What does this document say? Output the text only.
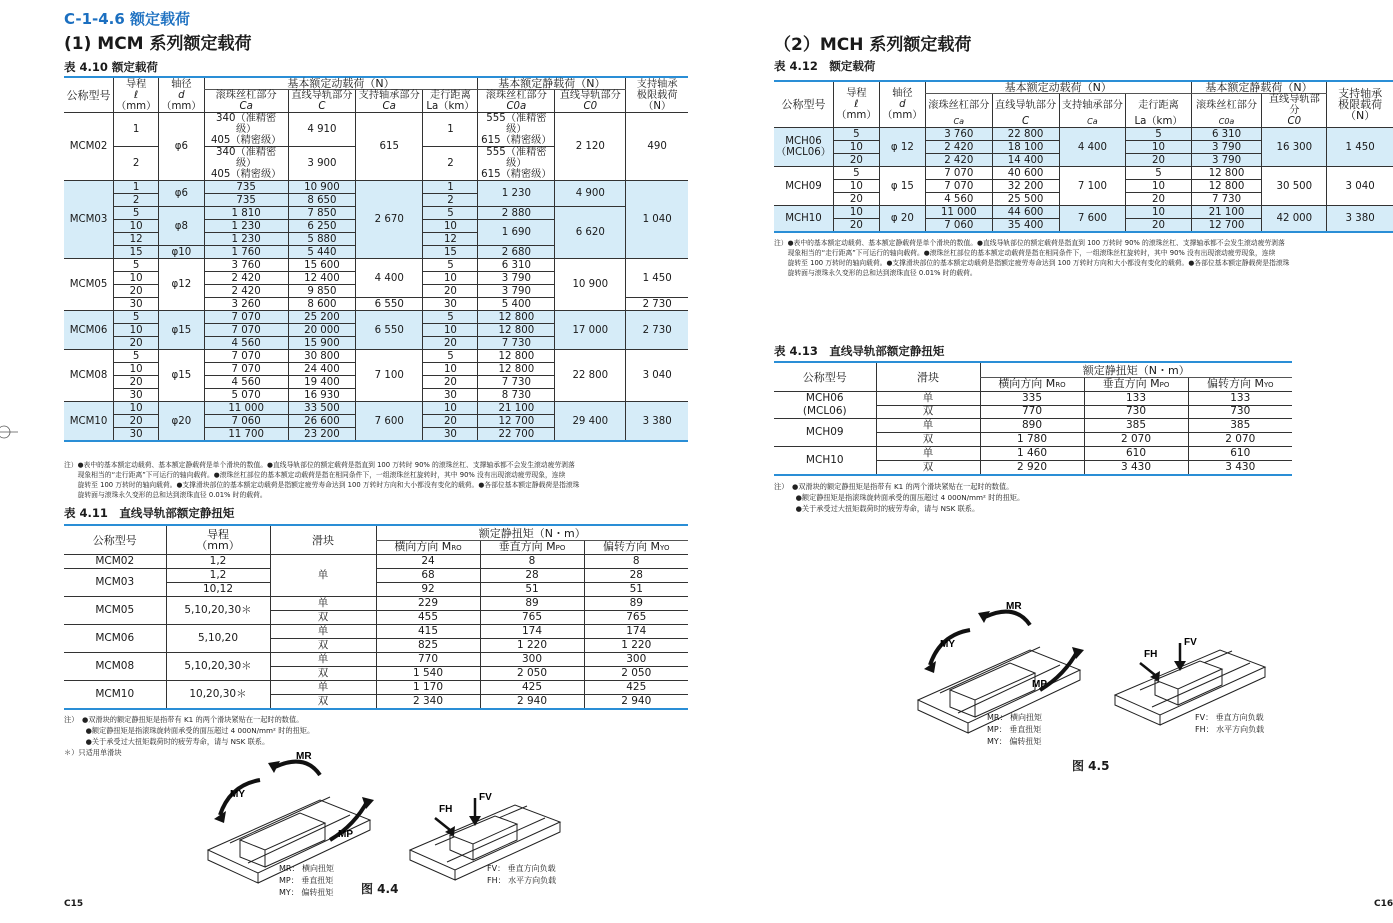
C-1-4.6 额定载荷
(1) MCM 系列额定载荷
表 4.10 额定载荷
公称型号	导程
ℓ
（mm）	轴径
d
（mm）	基本额定动载荷（N）				基本额定静载荷（N）		支持轴承
极限载荷
（N）
			滚珠丝杠部分	直线导轨部分	支持轴承部分	走行距离	滚珠丝杠部分	直线导轨部分	
			Ca	C	Ca	La（km）	C0a	C0	
MCM02	1	φ6	340（准精密级）
405（精密级）	4 910	615	1	555（准精密级）
615（精密级）	2 120	490
	2		340（准精密级）
405（精密级）	3 900		2	555（准精密级）
615（精密级）		
MCM03	1	φ6	735	10 900	2 670	1	1 230	4 900	1 040
	2		735	8 650		2			
	5	φ8	1 810	7 850		5	2 880	6 620	
	10		1 230	6 250		10	1 690		
	12		1 230	5 880		12			
	15	φ10	1 760	5 440		15	2 680		
MCM05	5	φ12	3 760	15 600	4 400	5	6 310	10 900	1 450
	10		2 420	12 400		10	3 790		
	20		2 420	9 850		20	3 790		
	30		3 260	8 600	6 550	30	5 400		2 730
MCM06	5	φ15	7 070	25 200	6 550	5	12 800	17 000	2 730
	10		7 070	20 000		10	12 800		
	20		4 560	15 900		20	7 730		
MCM08	5	φ15	7 070	30 800	7 100	5	12 800	22 800	3 040
	10		7 070	24 400		10	12 800		
	20		4 560	19 400		20	7 730		
	30		5 070	16 930		30	8 730		
MCM10	10	φ20	11 000	33 500	7 600	10	21 100	29 400	3 380
	20		7 060	26 600		20	12 700		
	30		11 700	23 200		30	22 700		
注）●表中的基本额定动载荷、基本额定静载荷是单个滑块的数值。●直线导轨部位的额定载荷是指直到 100 万转时 90% 的滚珠丝杠、支撑轴承都不会发生滚动疲劳剥落
　　现象相当的“走行距离”下可运行的轴向载荷。●滚珠丝杠部位的基本额定动载荷是指在相同条件下，一组滚珠丝杠旋转时，其中 90% 没有出现滚动疲劳现象，连续
　　旋转至 100 万转时的轴向载荷。●支撑滑块部位的基本额定动载荷是指额定疲劳寿命达到 100 万转时方向和大小都没有变化的载荷。●各部位基本额定静载荷是指滚珠
　　旋转面与滚珠永久变形的总和达到滚珠直径 0.01% 时的载荷。
表 4.11　直线导轨部额定静扭矩
公称型号	导程
（mm）	滑块	额定静扭矩（N・m）		
			横向方向 MRO	垂直方向 MPO	偏转方向 MYO
MCM02	1,2	单	24	8	8
MCM03	1,2		68	28	28
	10,12		92	51	51
MCM05	5,10,20,30＊	单	229	89	89
		双	455	765	765
MCM06	5,10,20	单	415	174	174
		双	825	1 220	1 220
MCM08	5,10,20,30＊	单	770	300	300
		双	1 540	2 050	2 050
MCM10	10,20,30＊	单	1 170	425	425
		双	2 340	2 940	2 940
注）　●双滑块的额定静扭矩是指带有 K1 的两个滑块紧贴在一起时的数值。
　　　●额定静扭矩是指滚珠旋转面承受的面压超过 4 000N/mm² 时的扭矩。
　　　●关于承受过大扭矩载荷时的疲劳寿命，请与 NSK 联系。
＊）只适用单滑块	MR
MY
MP
MR： 横向扭矩
MP： 垂直扭矩
MY： 偏转扭矩 图 4.4
FV
FH
FV： 垂直方向负载
FH： 水平方向负载
C15
（2）MCH 系列额定载荷
表 4.12　额定载荷
公称型号	导程
ℓ
（mm）	轴径
d
（mm）	基本额定动载荷（N）				基本额定静载荷（N）		支持轴承
极限载荷
（N）
			滚珠丝杠部分	直线导轨部分	支持轴承部分	走行距离	滚珠丝杠部分	直线导轨部分	
			Ca	C	Ca	La（km）	C0a	C0	
MCH06
（MCL06）	5	φ 12	3 760	22 800	4 400	5	6 310	16 300	1 450
	10		2 420	18 100		10	3 790		
	20		2 420	14 400		20	3 790		
MCH09	5	φ 15	7 070	40 600	7 100	5	12 800	30 500	3 040
	10		7 070	32 200		10	12 800		
	20		4 560	25 500		20	7 730		
MCH10	10	φ 20	11 000	44 600	7 600	10	21 100	42 000	3 380
	20		7 060	35 400		20	12 700		
注）●表中的基本额定动载荷、基本额定静载荷是单个滑块的数值。●直线导轨部位的额定载荷是指直到 100 万转时 90% 的滚珠丝杠、支撑轴承都不会发生滚动疲劳剥落
　　现象相当的“走行距离”下可运行的轴向载荷。●滚珠丝杠部位的基本额定动载荷是指在相同条件下，一组滚珠丝杠旋转时，其中 90% 没有出现滚动疲劳现象，连续
　　旋转至 100 万转时的轴向载荷。●支撑滑块部位的基本额定动载荷是指额定疲劳寿命达到 100 万转时方向和大小都没有变化的载荷。●各部位基本额定静载荷是指滚珠
　　旋转面与滚珠永久变形的总和达到滚珠直径 0.01% 时的载荷。
表 4.13　直线导轨部额定静扭矩
公称型号	滑块	额定静扭矩（N・m）		
		横向方向 MRO	垂直方向 MPO	偏转方向 MYO
MCH06	单	335	133	133
(MCL06)	双	770	730	730
MCH09	单	890	385	385
	双	1 780	2 070	2 070
MCH10	单	1 460	610	610
	双	2 920	3 430	3 430
注）　●双滑块的额定静扭矩是指带有 K1 的两个滑块紧贴在一起时的数值。
　　　●额定静扭矩是指滚珠旋转面承受的面压超过 4 000N/mm² 时的扭矩。
　　　●关于承受过大扭矩载荷时的疲劳寿命，请与 NSK 联系。
MR
MY
MP
MR： 横向扭矩
MP： 垂直扭矩
MY： 偏转扭矩
图 4.5
FV
FH
FV： 垂直方向负载
FH： 水平方向负载
C16
